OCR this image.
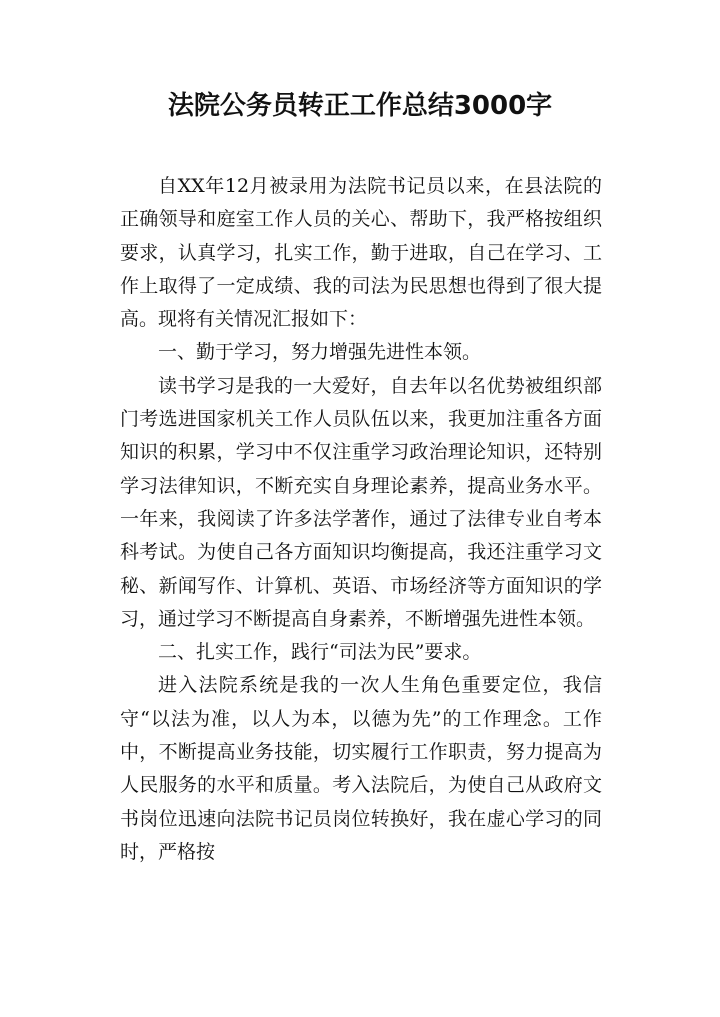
法院公务员转正工作总结3000字

自XX年12月被录用为法院书记员以来，在县法院的正确领导和庭室工作人员的关心、帮助下，我严格按组织要求，认真学习，扎实工作，勤于进取，自己在学习、工作上取得了一定成绩、我的司法为民思想也得到了很大提高。现将有关情况汇报如下：

一、勤于学习，努力增强先进性本领。

读书学习是我的一大爱好，自去年以名优势被组织部门考选进国家机关工作人员队伍以来，我更加注重各方面知识的积累，学习中不仅注重学习政治理论知识，还特别学习法律知识，不断充实自身理论素养，提高业务水平。一年来，我阅读了许多法学著作，通过了法律专业自考本科考试。为使自己各方面知识均衡提高，我还注重学习文秘、新闻写作、计算机、英语、市场经济等方面知识的学习，通过学习不断提高自身素养，不断增强先进性本领。

二、扎实工作，践行“司法为民”要求。

进入法院系统是我的一次人生角色重要定位，我信守“以法为准，以人为本，以德为先”的工作理念。工作中，不断提高业务技能，切实履行工作职责，努力提高为人民服务的水平和质量。考入法院后，为使自己从政府文书岗位迅速向法院书记员岗位转换好，我在虚心学习的同时，严格按
